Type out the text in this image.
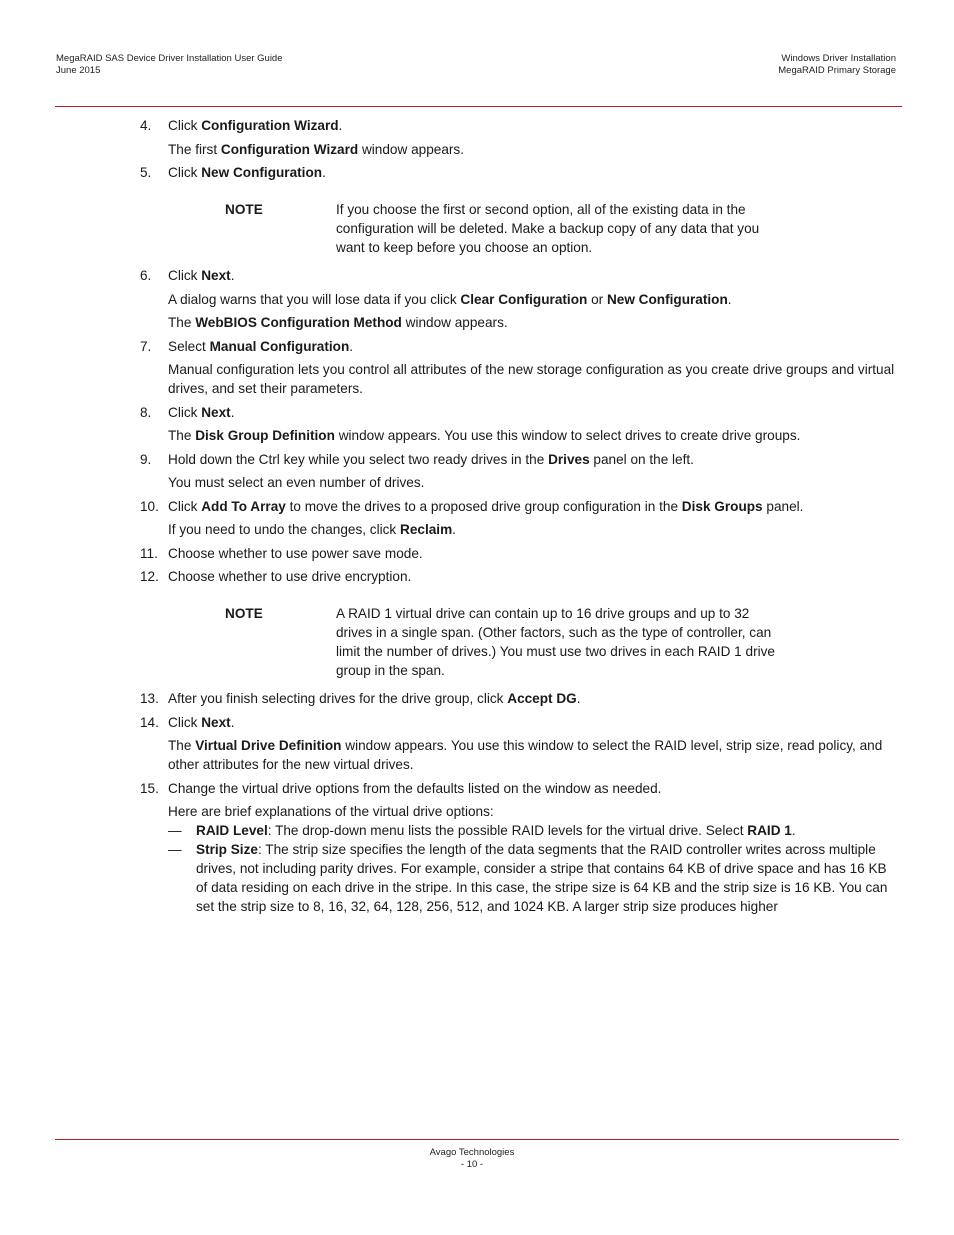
MegaRAID SAS Device Driver Installation User Guide
June 2015
Windows Driver Installation
MegaRAID Primary Storage

4.	Click Configuration Wizard.

The first Configuration Wizard window appears.

5.	Click New Configuration.

NOTE	If you choose the first or second option, all of the existing data in the configuration will be deleted. Make a backup copy of any data that you want to keep before you choose an option.

6.	Click Next.

A dialog warns that you will lose data if you click Clear Configuration or New Configuration.

The WebBIOS Configuration Method window appears.

7.	Select Manual Configuration.

Manual configuration lets you control all attributes of the new storage configuration as you create drive groups and virtual drives, and set their parameters.

8.	Click Next.

The Disk Group Definition window appears. You use this window to select drives to create drive groups.

9.	Hold down the Ctrl key while you select two ready drives in the Drives panel on the left.

You must select an even number of drives.

10. Click Add To Array to move the drives to a proposed drive group configuration in the Disk Groups panel.

If you need to undo the changes, click Reclaim.

11. Choose whether to use power save mode.

12. Choose whether to use drive encryption.

NOTE	A RAID 1 virtual drive can contain up to 16 drive groups and up to 32 drives in a single span. (Other factors, such as the type of controller, can limit the number of drives.) You must use two drives in each RAID 1 drive group in the span.

13. After you finish selecting drives for the drive group, click Accept DG.

14. Click Next.

The Virtual Drive Definition window appears. You use this window to select the RAID level, strip size, read policy, and other attributes for the new virtual drives.

15. Change the virtual drive options from the defaults listed on the window as needed.

Here are brief explanations of the virtual drive options:

— RAID Level: The drop-down menu lists the possible RAID levels for the virtual drive. Select RAID 1.

— Strip Size: The strip size specifies the length of the data segments that the RAID controller writes across multiple drives, not including parity drives. For example, consider a stripe that contains 64 KB of drive space and has 16 KB of data residing on each drive in the stripe. In this case, the stripe size is 64 KB and the strip size is 16 KB. You can set the strip size to 8, 16, 32, 64, 128, 256, 512, and 1024 KB. A larger strip size produces higher

Avago Technologies
- 10 -
